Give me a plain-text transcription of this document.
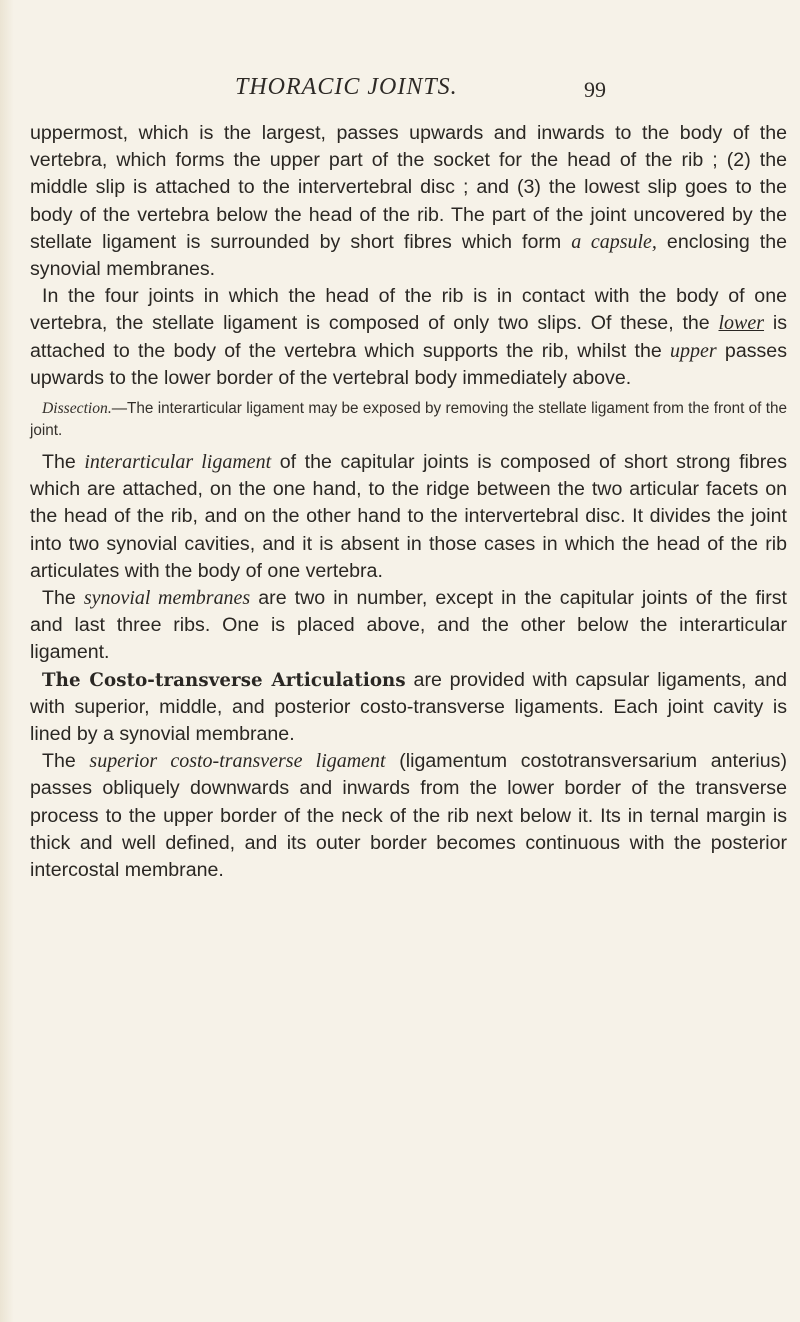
THORACIC JOINTS.	99

uppermost, which is the largest, passes upwards and inwards to the body of the vertebra, which forms the upper part of the socket for the head of the rib ; (2) the middle slip is attached to the intervertebral disc ; and (3) the lowest slip goes to the body of the vertebra below the head of the rib. The part of the joint uncovered by the stellate ligament is surrounded by short fibres which form a capsule, enclosing the synovial membranes.

In the four joints in which the head of the rib is in contact with the body of one vertebra, the stellate ligament is composed of only two slips. Of these, the lower is attached to the body of the vertebra which supports the rib, whilst the upper passes upwards to the lower border of the vertebral body immediately above.

Dissection.—The interarticular ligament may be exposed by removing the stellate ligament from the front of the joint.

The interarticular ligament of the capitular joints is composed of short strong fibres which are attached, on the one hand, to the ridge between the two articular facets on the head of the rib, and on the other hand to the intervertebral disc. It divides the joint into two synovial cavities, and it is absent in those cases in which the head of the rib articulates with the body of one vertebra.

The synovial membranes are two in number, except in the capitular joints of the first and last three ribs. One is placed above, and the other below the interarticular ligament.

The Costo-transverse Articulations are provided with capsular ligaments, and with superior, middle, and posterior costo-transverse ligaments. Each joint cavity is lined by a synovial membrane.

The superior costo-transverse ligament (ligamentum costotransversarium anterius) passes obliquely downwards and inwards from the lower border of the transverse process to the upper border of the neck of the rib next below it. Its in ternal margin is thick and well defined, and its outer border becomes continuous with the posterior intercostal membrane.
